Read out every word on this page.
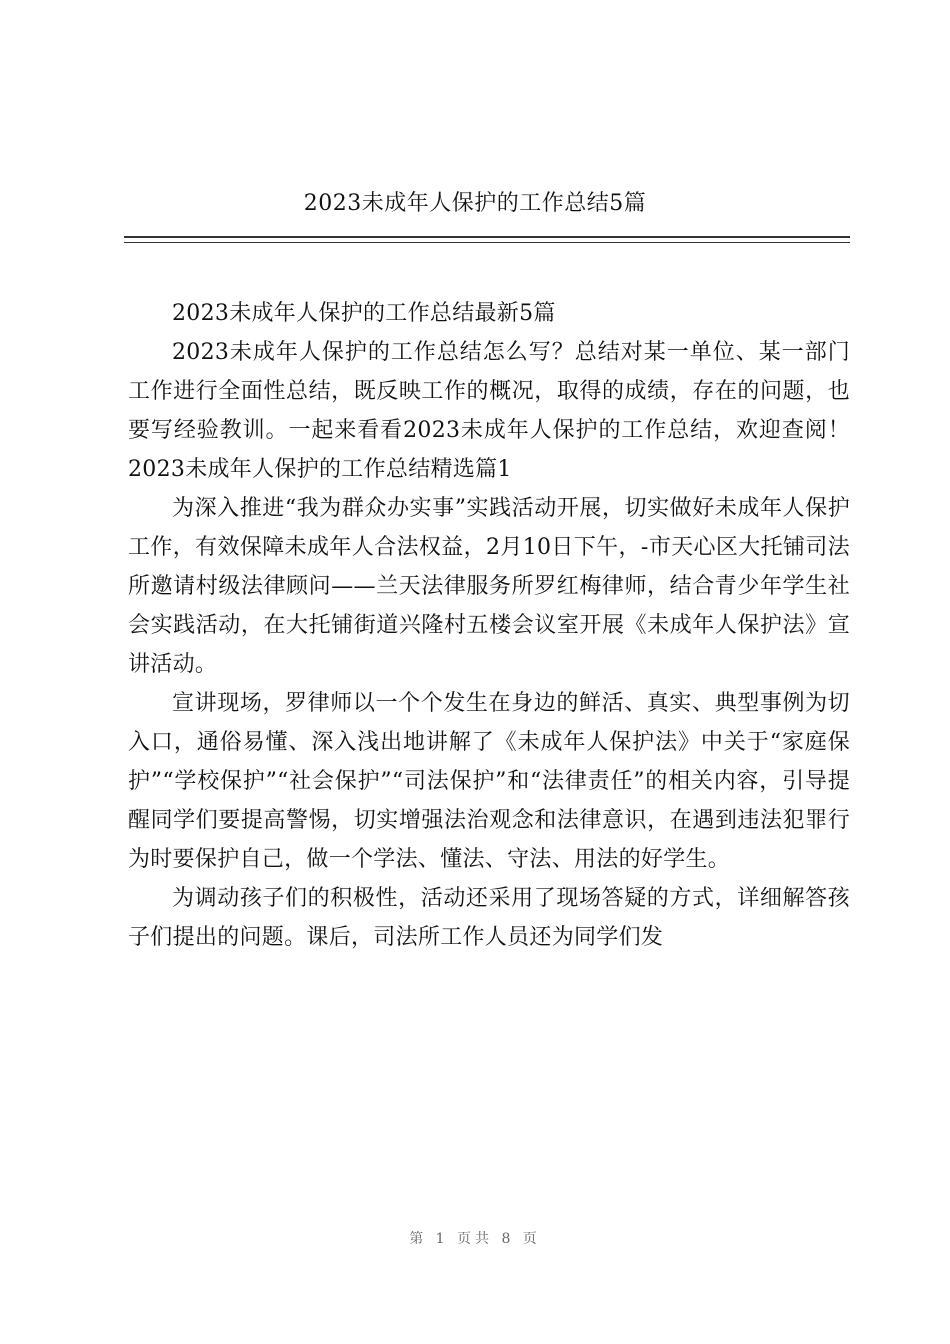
2023未成年人保护的工作总结5篇

2023未成年人保护的工作总结最新5篇

2023未成年人保护的工作总结怎么写？总结对某一单位、某一部门工作进行全面性总结，既反映工作的概况，取得的成绩，存在的问题，也要写经验教训。一起来看看2023未成年人保护的工作总结，欢迎查阅！2023未成年人保护的工作总结精选篇1

为深入推进“我为群众办实事”实践活动开展，切实做好未成年人保护工作，有效保障未成年人合法权益，2月10日下午，-市天心区大托铺司法所邀请村级法律顾问——兰天法律服务所罗红梅律师，结合青少年学生社会实践活动，在大托铺街道兴隆村五楼会议室开展《未成年人保护法》宣讲活动。

宣讲现场，罗律师以一个个发生在身边的鲜活、真实、典型事例为切入口，通俗易懂、深入浅出地讲解了《未成年人保护法》中关于“家庭保护”“学校保护”“社会保护”“司法保护”和“法律责任”的相关内容，引导提醒同学们要提高警惕，切实增强法治观念和法律意识，在遇到违法犯罪行为时要保护自己，做一个学法、懂法、守法、用法的好学生。

为调动孩子们的积极性，活动还采用了现场答疑的方式，详细解答孩子们提出的问题。课后，司法所工作人员还为同学们发

第 1 页共 8 页
